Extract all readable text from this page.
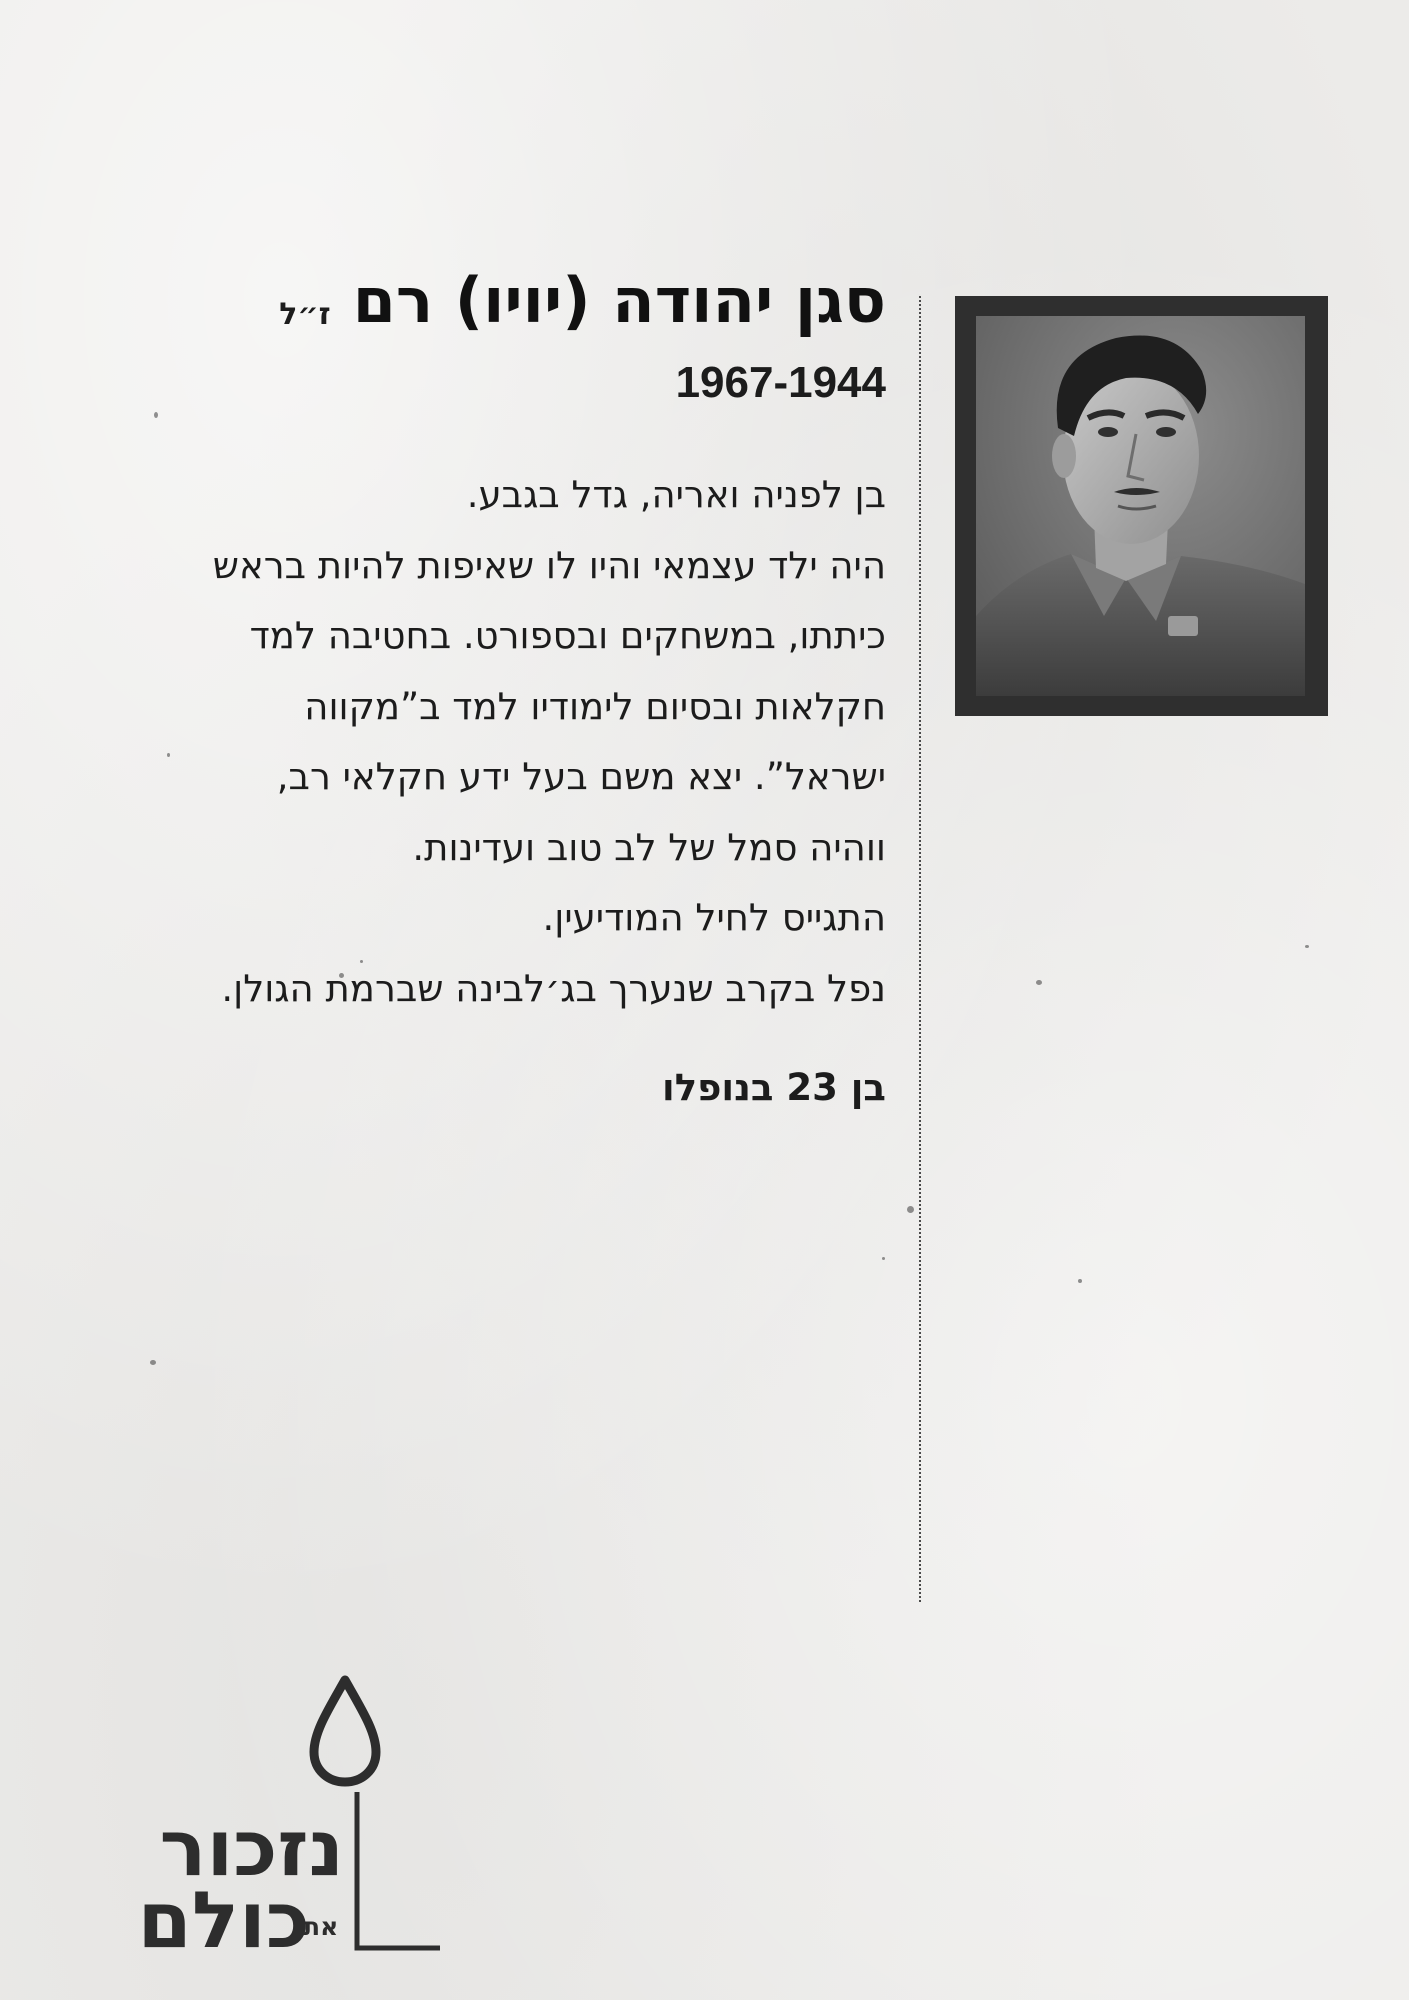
סגן יהודה (יויו) רם
ז״ל
1967-1944
בן לפניה ואריה, גדל בגבע.
היה ילד עצמאי והיו לו שאיפות להיות בראש
כיתתו, במשחקים ובספורט. בחטיבה למד
חקלאות ובסיום לימודיו למד ב”מקווה
ישראל”. יצא משם בעל ידע חקלאי רב,
ווהיה סמל של לב טוב ועדינות.
התגייס לחיל המודיעין.
נפל בקרב שנערך בג׳לבינה שברמת הגולן.
בן 23 בנופלו
נזכור
את
כולם
